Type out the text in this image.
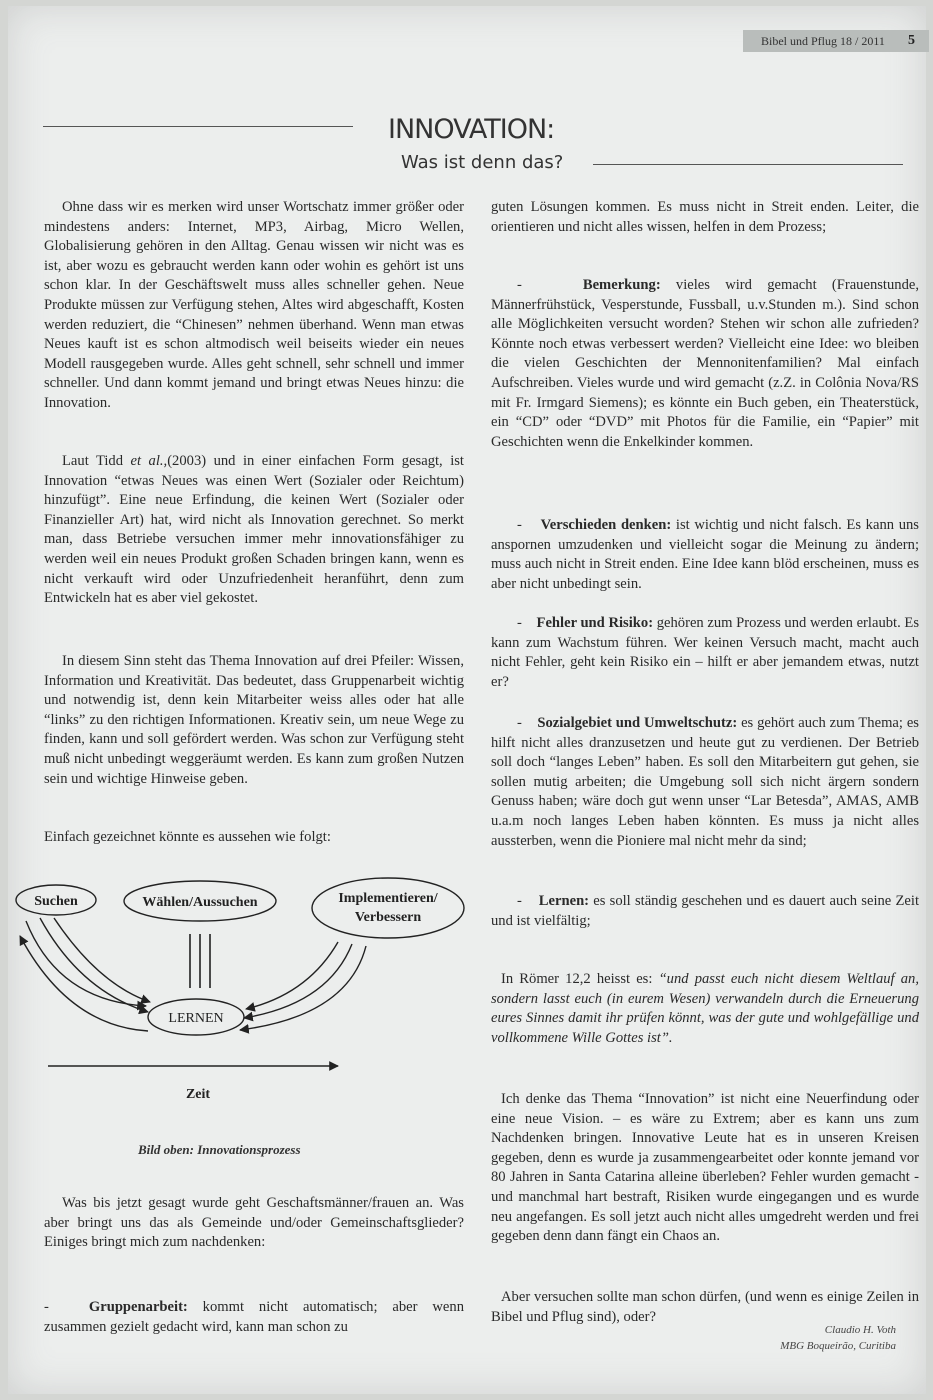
Bibel und Pflug 18 / 2011	5
INNOVATION:
Was ist denn das?

Ohne dass wir es merken wird unser Wortschatz immer größer oder mindestens anders: Internet, MP3, Airbag, Micro Wellen, Globalisierung gehören in den Alltag. Genau wissen wir nicht was es ist, aber wozu es gebraucht werden kann oder wohin es gehört ist uns schon klar. In der Geschäftswelt muss alles schneller gehen. Neue Produkte müssen zur Verfügung stehen, Altes wird abgeschafft, Kosten werden reduziert, die “Chinesen” nehmen überhand. Wenn man etwas Neues kauft ist es schon altmodisch weil beiseits wieder ein neues Modell rausgegeben wurde. Alles geht schnell, sehr schnell und immer schneller. Und dann kommt jemand und bringt etwas Neues hinzu: die Innovation.

Laut Tidd et al.,(2003) und in einer einfachen Form gesagt, ist Innovation “etwas Neues was einen Wert (Sozialer oder Reichtum) hinzufügt”. Eine neue Erfindung, die keinen Wert (Sozialer oder Finanzieller Art) hat, wird nicht als Innovation gerechnet. So merkt man, dass Betriebe versuchen immer mehr innovationsfähiger zu werden weil ein neues Produkt großen Schaden bringen kann, wenn es nicht verkauft wird oder Unzufriedenheit heranführt, denn zum Entwickeln hat es aber viel gekostet.

In diesem Sinn steht das Thema Innovation auf drei Pfeiler: Wissen, Information und Kreativität. Das bedeutet, dass Gruppenarbeit wichtig und notwendig ist, denn kein Mitarbeiter weiss alles oder hat alle “links” zu den richtigen Informationen. Kreativ sein, um neue Wege zu finden, kann und soll gefördert werden. Was schon zur Verfügung steht muß nicht unbedingt weggeräumt werden. Es kann zum großen Nutzen sein und wichtige Hinweise geben.

Einfach gezeichnet könnte es aussehen wie folgt:

Suchen	Wählen/Aussuchen	Implementieren/
Verbessern
LERNEN
Zeit
Bild oben: Innovationsprozess

Was bis jetzt gesagt wurde geht Geschaftsmänner/frauen an. Was aber bringt uns das als Gemeinde und/oder Gemeinschaftsglieder? Einiges bringt mich zum nachdenken:

-	Gruppenarbeit: kommt nicht automatisch; aber wenn zusammen gezielt gedacht wird, kann man schon zu

guten Lösungen kommen. Es muss nicht in Streit enden. Leiter, die orientieren und nicht alles wissen, helfen in dem Prozess;

-	Bemerkung: vieles wird gemacht (Frauenstunde, Männerfrühstück, Vesperstunde, Fussball, u.v.Stunden m.). Sind schon alle Möglichkeiten versucht worden? Stehen wir schon alle zufrieden? Könnte noch etwas verbessert werden? Vielleicht eine Idee: wo bleiben die vielen Geschichten der Mennonitenfamilien? Mal einfach Aufschreiben. Vieles wurde und wird gemacht (z.Z. in Colônia Nova/RS mit Fr. Irmgard Siemens); es könnte ein Buch geben, ein Theaterstück, ein “CD” oder “DVD” mit Photos für die Familie, ein “Papier” mit Geschichten wenn die Enkelkinder kommen.

- Verschieden denken: ist wichtig und nicht falsch. Es kann uns anspornen umzudenken und vielleicht sogar die Meinung zu ändern; muss auch nicht in Streit enden. Eine Idee kann blöd erscheinen, muss es aber nicht unbedingt sein.

- Fehler und Risiko: gehören zum Prozess und werden erlaubt. Es kann zum Wachstum führen. Wer keinen Versuch macht, macht auch nicht Fehler, geht kein Risiko ein – hilft er aber jemandem etwas, nutzt er?

- Sozialgebiet und Umweltschutz: es gehört auch zum Thema; es hilft nicht alles dranzusetzen und heute gut zu verdienen. Der Betrieb soll doch “langes Leben” haben. Es soll den Mitarbeitern gut gehen, sie sollen mutig arbeiten; die Umgebung soll sich nicht ärgern sondern Genuss haben; wäre doch gut wenn unser “Lar Betesda”, AMAS, AMB u.a.m noch langes Leben haben könnten. Es muss ja nicht alles aussterben, wenn die Pioniere mal nicht mehr da sind;

- Lernen: es soll ständig geschehen und es dauert auch seine Zeit und ist vielfältig;

In Römer 12,2 heisst es: “und passt euch nicht diesem Weltlauf an, sondern lasst euch (in eurem Wesen) verwandeln durch die Erneuerung eures Sinnes damit ihr prüfen könnt, was der gute und wohlgefällige und vollkommene Wille Gottes ist”.

Ich denke das Thema “Innovation” ist nicht eine Neuerfindung oder eine neue Vision. – es wäre zu Extrem; aber es kann uns zum Nachdenken bringen. Innovative Leute hat es in unseren Kreisen gegeben, denn es wurde ja zusammengearbeitet oder konnte jemand vor 80 Jahren in Santa Catarina alleine überleben? Fehler wurden gemacht - und manchmal hart bestraft, Risiken wurde eingegangen und es wurde neu angefangen. Es soll jetzt auch nicht alles umgedreht werden und frei gegeben denn dann fängt ein Chaos an.

Aber versuchen sollte man schon dürfen, (und wenn es einige Zeilen in Bibel und Pflug sind), oder?

Claudio H. Voth
MBG Boqueirão, Curitiba
